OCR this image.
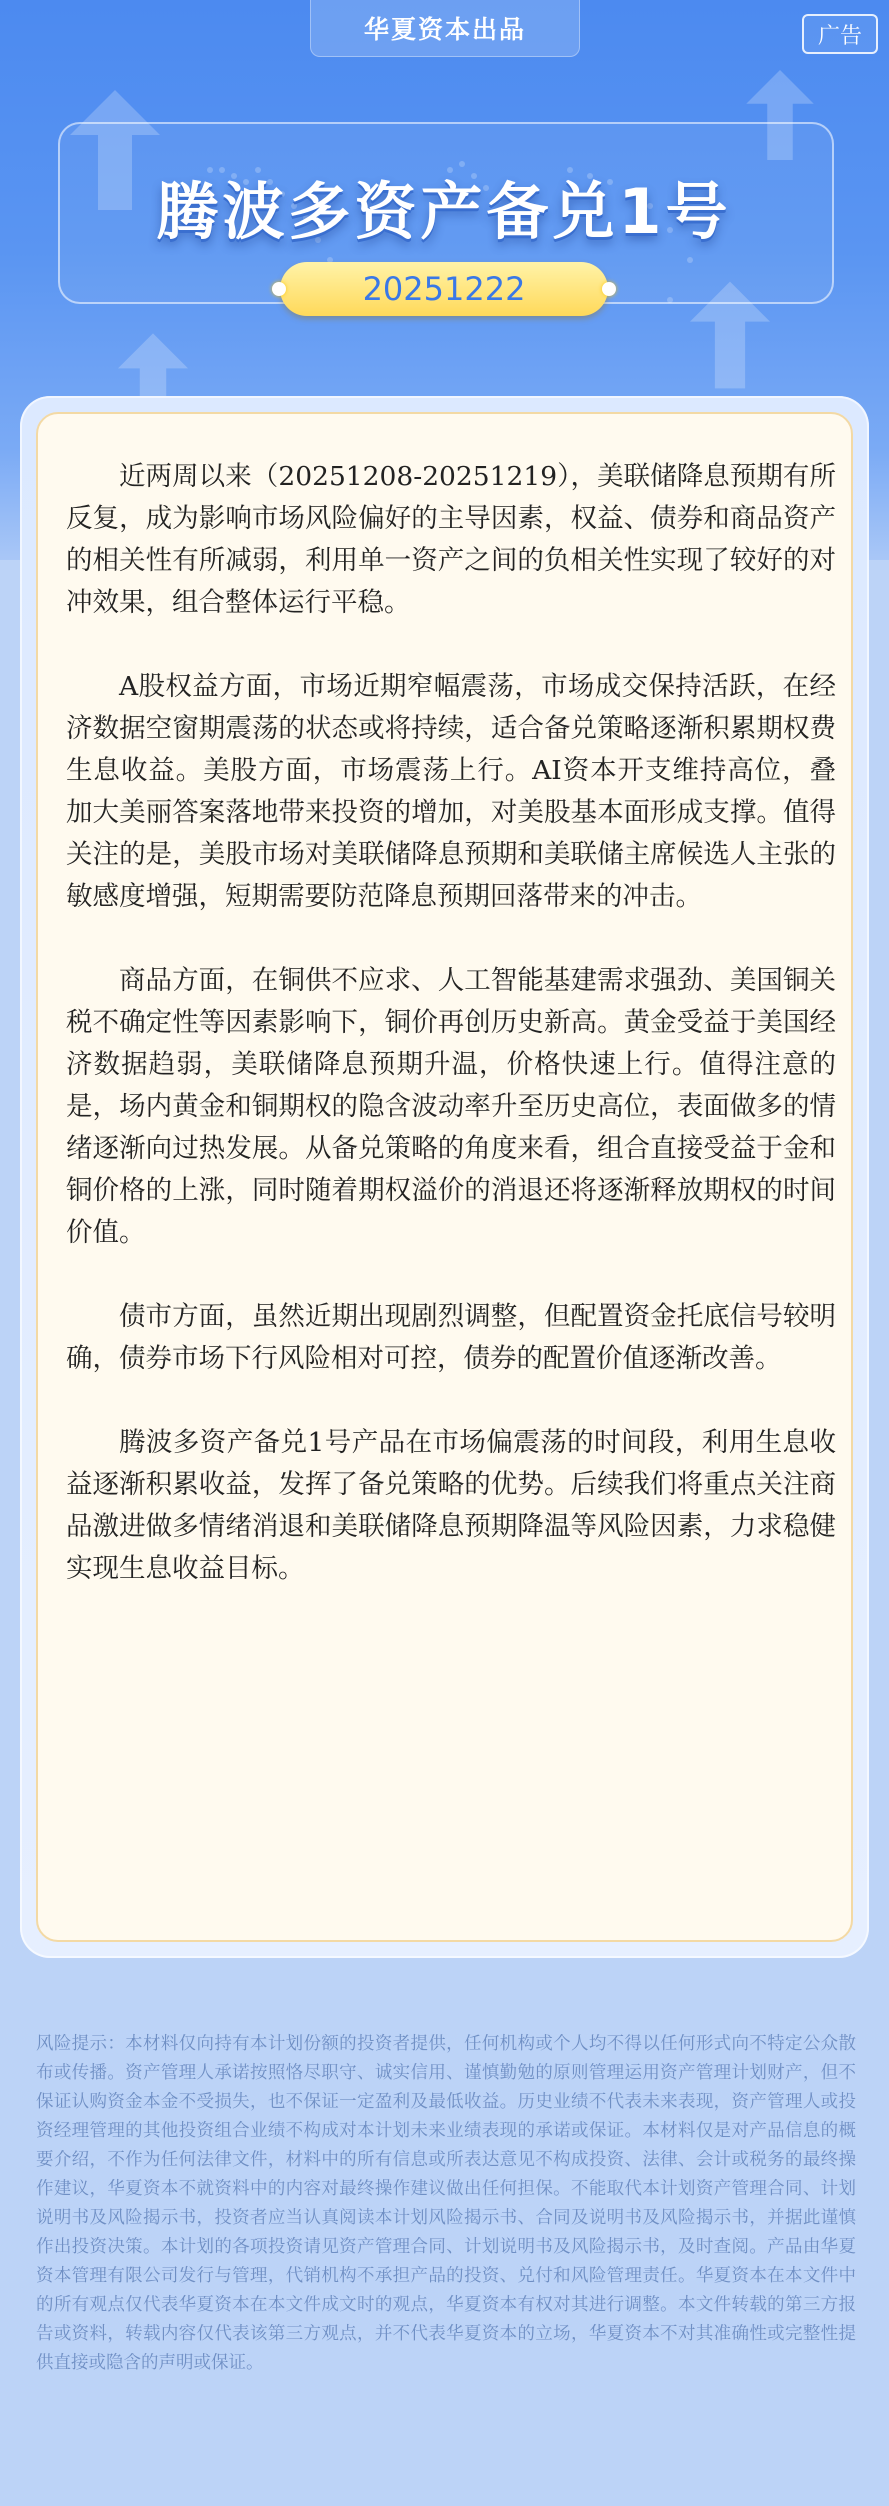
华夏资本出品	广告
腾波多资产备兑1号
20251222

近两周以来（20251208-20251219），美联储降息预期有所反复，成为影响市场风险偏好的主导因素，权益、债券和商品资产的相关性有所减弱，利用单一资产之间的负相关性实现了较好的对冲效果，组合整体运行平稳。

A股权益方面，市场近期窄幅震荡，市场成交保持活跃，在经济数据空窗期震荡的状态或将持续，适合备兑策略逐渐积累期权费生息收益。美股方面，市场震荡上行。AI资本开支维持高位，叠加大美丽答案落地带来投资的增加，对美股基本面形成支撑。值得关注的是，美股市场对美联储降息预期和美联储主席候选人主张的敏感度增强，短期需要防范降息预期回落带来的冲击。

商品方面，在铜供不应求、人工智能基建需求强劲、美国铜关税不确定性等因素影响下，铜价再创历史新高。黄金受益于美国经济数据趋弱，美联储降息预期升温，价格快速上行。值得注意的是，场内黄金和铜期权的隐含波动率升至历史高位，表面做多的情绪逐渐向过热发展。从备兑策略的角度来看，组合直接受益于金和铜价格的上涨，同时随着期权溢价的消退还将逐渐释放期权的时间价值。

债市方面，虽然近期出现剧烈调整，但配置资金托底信号较明确，债券市场下行风险相对可控，债券的配置价值逐渐改善。

腾波多资产备兑1号产品在市场偏震荡的时间段，利用生息收益逐渐积累收益，发挥了备兑策略的优势。后续我们将重点关注商品激进做多情绪消退和美联储降息预期降温等风险因素，力求稳健实现生息收益目标。

风险提示：本材料仅向持有本计划份额的投资者提供，任何机构或个人均不得以任何形式向不特定公众散布或传播。资产管理人承诺按照恪尽职守、诚实信用、谨慎勤勉的原则管理运用资产管理计划财产，但不保证认购资金本金不受损失，也不保证一定盈利及最低收益。历史业绩不代表未来表现，资产管理人或投资经理管理的其他投资组合业绩不构成对本计划未来业绩表现的承诺或保证。本材料仅是对产品信息的概要介绍，不作为任何法律文件，材料中的所有信息或所表达意见不构成投资、法律、会计或税务的最终操作建议，华夏资本不就资料中的内容对最终操作建议做出任何担保。不能取代本计划资产管理合同、计划说明书及风险揭示书，投资者应当认真阅读本计划风险揭示书、合同及说明书及风险揭示书，并据此谨慎作出投资决策。本计划的各项投资请见资产管理合同、计划说明书及风险揭示书，及时查阅。产品由华夏资本管理有限公司发行与管理，代销机构不承担产品的投资、兑付和风险管理责任。华夏资本在本文件中的所有观点仅代表华夏资本在本文件成文时的观点，华夏资本有权对其进行调整。本文件转载的第三方报告或资料，转载内容仅代表该第三方观点，并不代表华夏资本的立场，华夏资本不对其准确性或完整性提供直接或隐含的声明或保证。
